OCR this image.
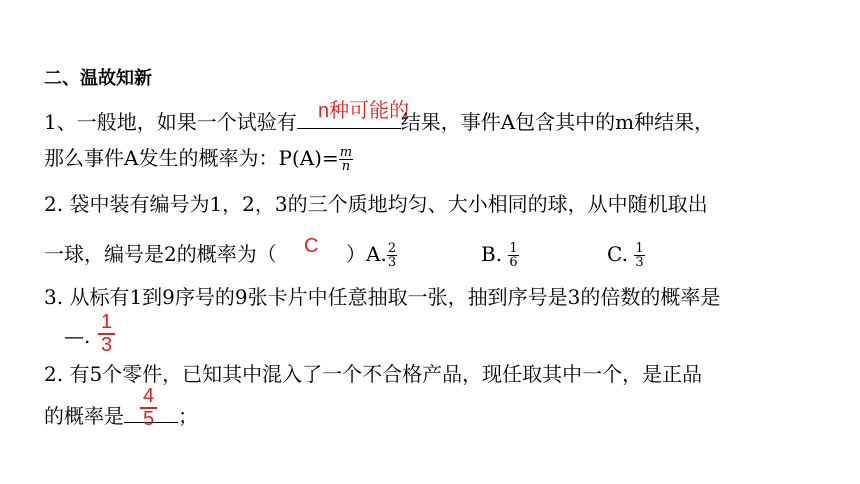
二、温故知新
n种可能的
1、一般地，如果一个试验有	结果，事件A包含其中的m种结果，
那么事件A发生的概率为：$P(A)= \frac{m}{n}$
2. 袋中装有编号为1，2，3的三个质地均匀、大小相同的球，从中随机取出
C
一球，编号是2的概率为（	）A. $\frac{2}{3}$	B. $\frac{1}{6}$	C. $\frac{1}{3}$
3. 从标有1到9序号的9张卡片中任意抽取一张，抽到序号是3的倍数的概率是
—. $\frac{1}{3}$
2. 有5个零件，已知其中混入了一个不合格产品，现任取其中一个，是正品
的概率是	；
$\frac{4}{5}$
